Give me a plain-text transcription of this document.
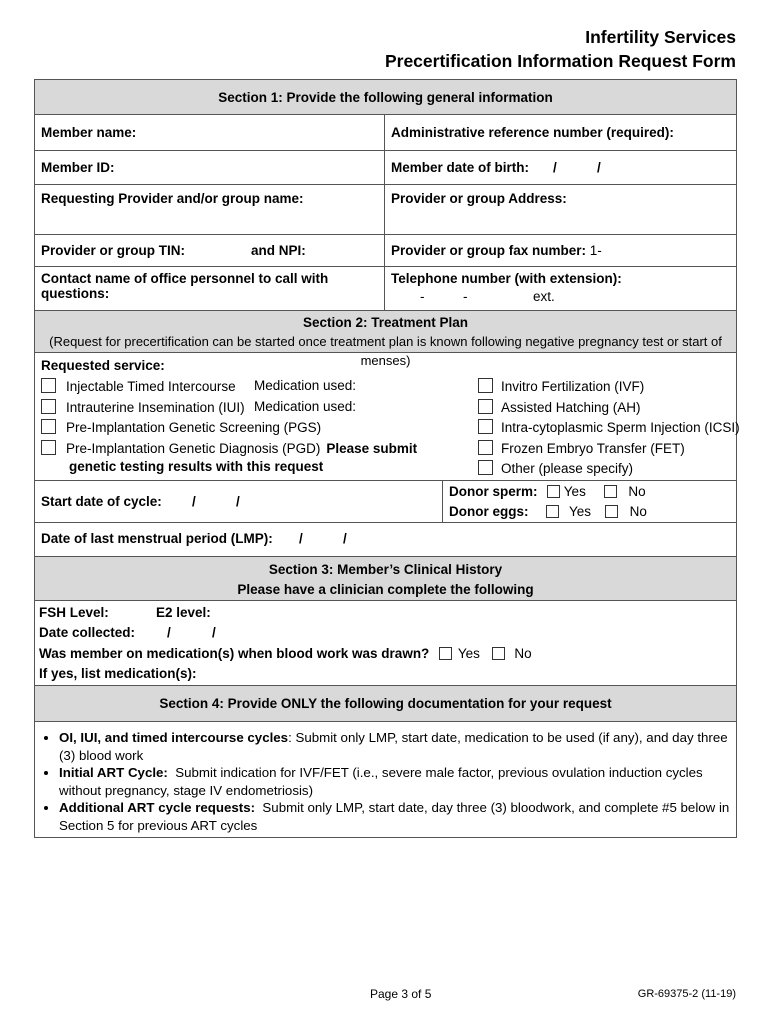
Infertility Services
Precertification Information Request Form
Section 1: Provide the following general information
Member name:	Administrative reference number (required):
Member ID:	Member date of birth: /	/
Requesting Provider and/or group name:	Provider or group Address:
Provider or group TIN:	and NPI:	Provider or group fax number: 1-
Contact name of office personnel to call with questions:
Telephone number (with extension):
-	-	ext.
Section 2: Treatment Plan
(Request for precertification can be started once treatment plan is known following negative pregnancy test or start of menses)
Requested service:
Injectable Timed Intercourse Medication used:
Intrauterine Insemination (IUI) Medication used:
Pre-Implantation Genetic Screening (PGS)
Pre-Implantation Genetic Diagnosis (PGD) Please submit
Invitro Fertilization (IVF)
Assisted Hatching (AH)
Intra-cytoplasmic Sperm Injection (ICSI)
Frozen Embryo Transfer (FET)
Other (please specify)
genetic testing results with this request
Start date of cycle: /	/
Donor sperm: Yes	No
Donor eggs:	Yes	No
Date of last menstrual period (LMP): /	/
Section 3: Member’s Clinical History
Please have a clinician complete the following
FSH Level:	E2 level:
Date collected: /	/
Was member on medication(s) when blood work was drawn? Yes	No
If yes, list medication(s):
Section 4: Provide ONLY the following documentation for your request
• OI, IUI, and timed intercourse cycles: Submit only LMP, start date, medication to be used (if any), and day three (3) blood work
• Initial ART Cycle:  Submit indication for IVF/FET (i.e., severe male factor, previous ovulation induction cycles without pregnancy, stage IV endometriosis)
• Additional ART cycle requests:  Submit only LMP, start date, day three (3) bloodwork, and complete #5 below in Section 5 for previous ART cycles
Page 3 of 5	GR-69375-2 (11-19)
